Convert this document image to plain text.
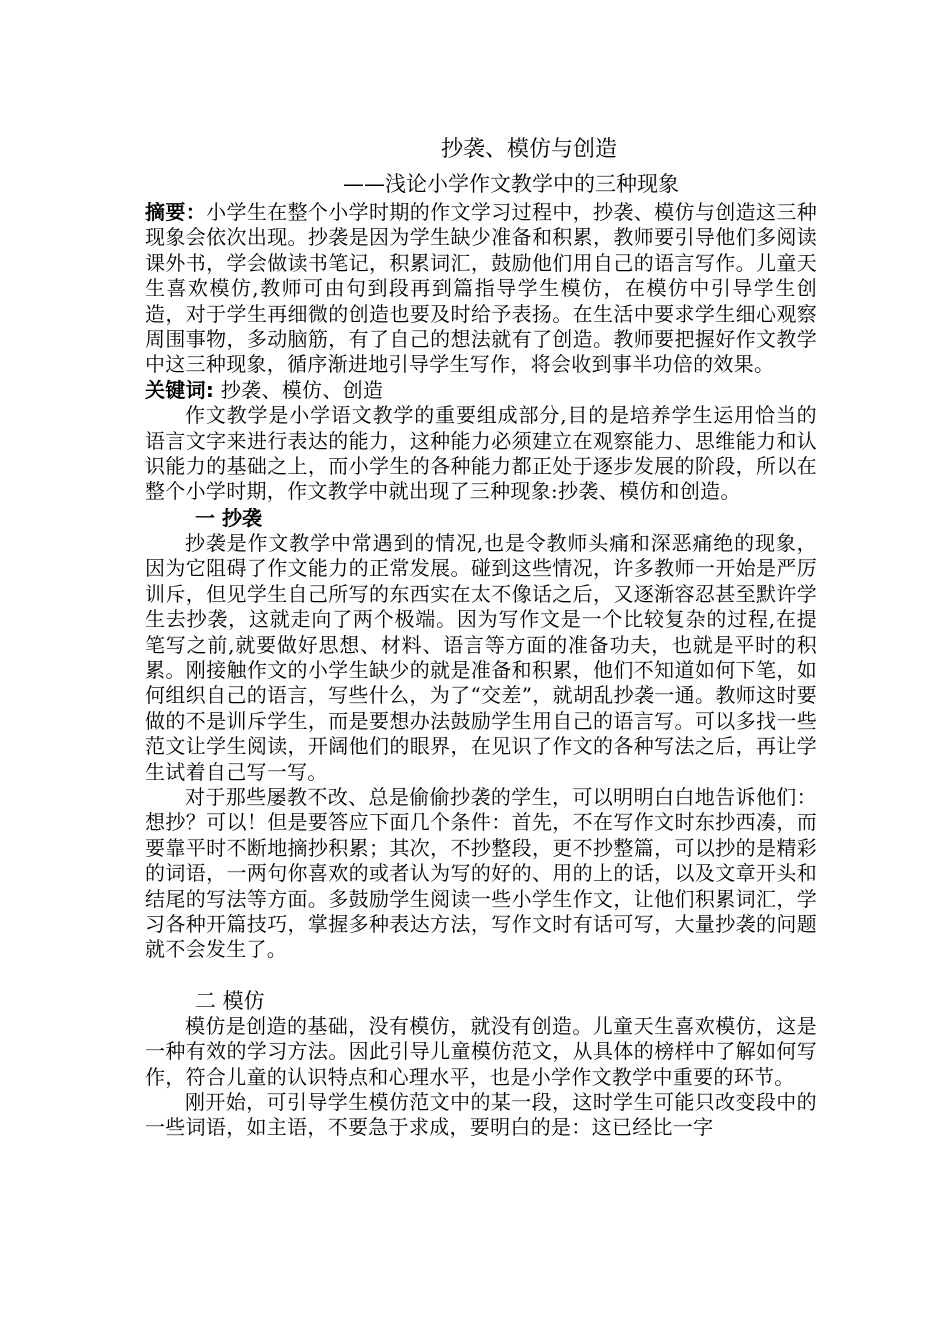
抄袭、模仿与创造
——浅论小学作文教学中的三种现象

摘要：小学生在整个小学时期的作文学习过程中，抄袭、模仿与创造这三种现象会依次出现。抄袭是因为学生缺少准备和积累，教师要引导他们多阅读课外书，学会做读书笔记，积累词汇，鼓励他们用自己的语言写作。儿童天生喜欢模仿,教师可由句到段再到篇指导学生模仿，在模仿中引导学生创造，对于学生再细微的创造也要及时给予表扬。在生活中要求学生细心观察周围事物，多动脑筋，有了自己的想法就有了创造。教师要把握好作文教学中这三种现象，循序渐进地引导学生写作，将会收到事半功倍的效果。

关键词: 抄袭、模仿、创造

作文教学是小学语文教学的重要组成部分,目的是培养学生运用恰当的语言文字来进行表达的能力，这种能力必须建立在观察能力、思维能力和认识能力的基础之上，而小学生的各种能力都正处于逐步发展的阶段，所以在整个小学时期，作文教学中就出现了三种现象:抄袭、模仿和创造。

一 抄袭

抄袭是作文教学中常遇到的情况,也是令教师头痛和深恶痛绝的现象，因为它阻碍了作文能力的正常发展。碰到这些情况，许多教师一开始是严厉训斥，但见学生自己所写的东西实在太不像话之后，又逐渐容忍甚至默许学生去抄袭，这就走向了两个极端。因为写作文是一个比较复杂的过程,在提笔写之前,就要做好思想、材料、语言等方面的准备功夫，也就是平时的积累。刚接触作文的小学生缺少的就是准备和积累，他们不知道如何下笔，如何组织自己的语言，写些什么，为了“交差”，就胡乱抄袭一通。教师这时要做的不是训斥学生，而是要想办法鼓励学生用自己的语言写。可以多找一些范文让学生阅读，开阔他们的眼界，在见识了作文的各种写法之后，再让学生试着自己写一写。

对于那些屡教不改、总是偷偷抄袭的学生，可以明明白白地告诉他们：想抄？可以！但是要答应下面几个条件：首先，不在写作文时东抄西凑，而要靠平时不断地摘抄积累；其次，不抄整段，更不抄整篇，可以抄的是精彩的词语，一两句你喜欢的或者认为写的好的、用的上的话，以及文章开头和结尾的写法等方面。多鼓励学生阅读一些小学生作文，让他们积累词汇，学习各种开篇技巧，掌握多种表达方法，写作文时有话可写，大量抄袭的问题就不会发生了。

二 模仿

模仿是创造的基础，没有模仿，就没有创造。儿童天生喜欢模仿，这是一种有效的学习方法。因此引导儿童模仿范文，从具体的榜样中了解如何写作，符合儿童的认识特点和心理水平，也是小学作文教学中重要的环节。

刚开始，可引导学生模仿范文中的某一段，这时学生可能只改变段中的一些词语，如主语，不要急于求成，要明白的是：这已经比一字
